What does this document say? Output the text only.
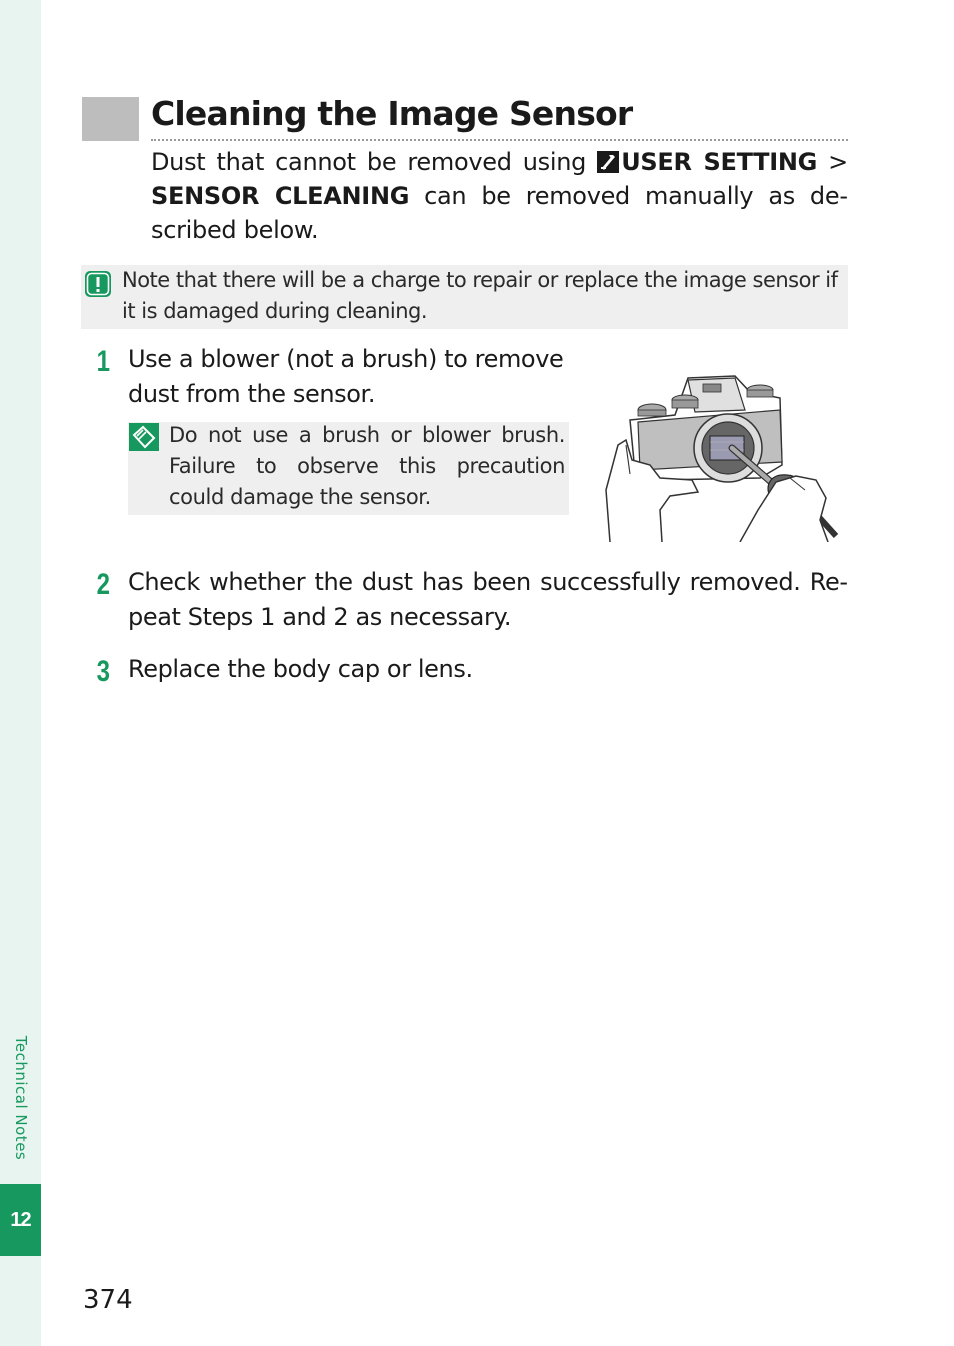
Technical Notes
12
374
Cleaning the Image Sensor

Dust that cannot be removed using
USER SETTING > SENSOR CLEANING can be removed manually as described below.

Note that there will be a charge to repair or replace the image sensor if it is damaged during cleaning.

1 Use a blower (not a brush) to remove dust from the sensor.

Do not use a brush or blower brush. Failure to observe this precaution could damage the sensor.

2 Check whether the dust has been successfully removed. Repeat Steps 1 and 2 as necessary.

3 Replace the body cap or lens.
